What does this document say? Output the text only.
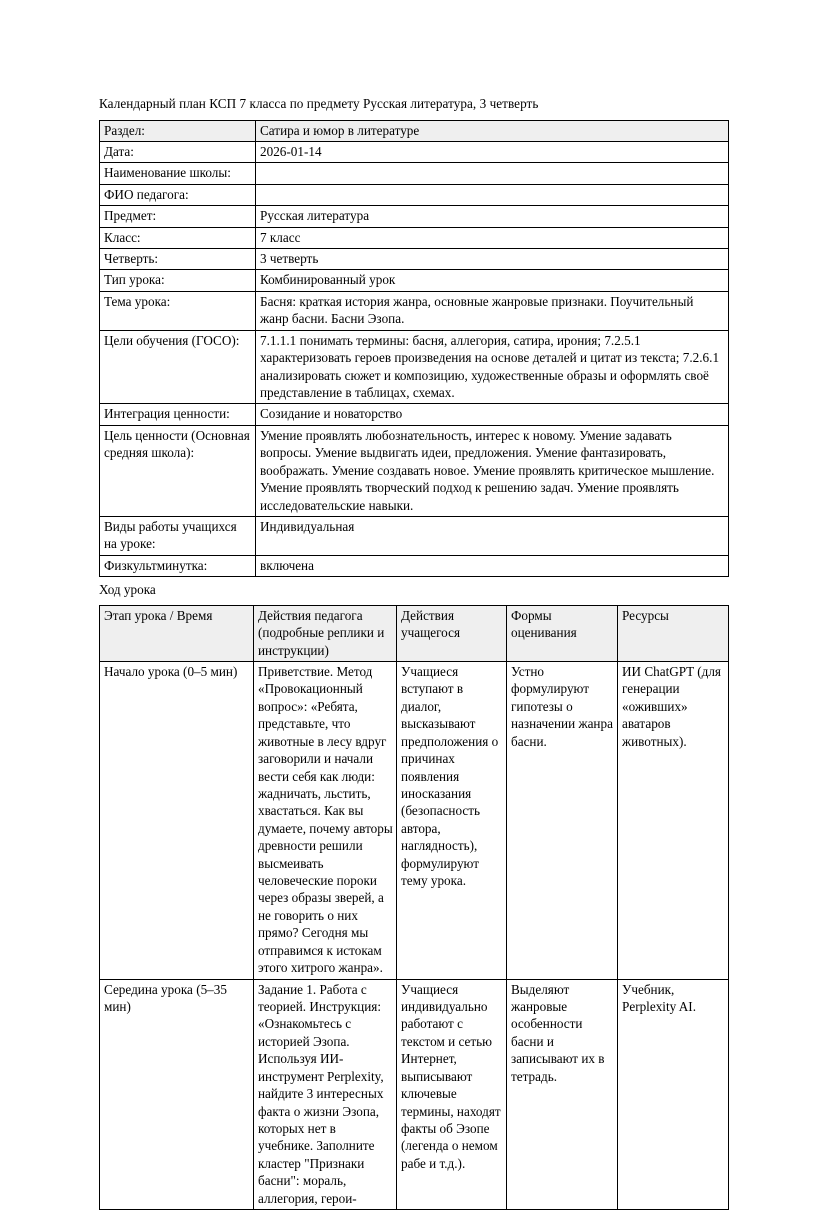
Календарный план КСП 7 класса по предмету Русская литература, 3 четверть

Раздел:	Сатира и юмор в литературе
Дата:	2026-01-14
Наименование школы:	
ФИО педагога:	
Предмет:	Русская литература
Класс:	7 класс
Четверть:	3 четверть
Тип урока:	Комбинированный урок
Тема урока:	Басня: краткая история жанра, основные жанровые признаки. Поучительный жанр басни. Басни Эзопа.
Цели обучения (ГОСО):	7.1.1.1 понимать термины: басня, аллегория, сатира, ирония; 7.2.5.1 характеризовать героев произведения на основе деталей и цитат из текста; 7.2.6.1 анализировать сюжет и композицию, художественные образы и оформлять своё представление в таблицах, схемах.
Интеграция ценности:	Созидание и новаторство
Цель ценности (Основная средняя школа):	Умение проявлять любознательность, интерес к новому. Умение задавать вопросы. Умение выдвигать идеи, предложения. Умение фантазировать, воображать. Умение создавать новое. Умение проявлять критическое мышление. Умение проявлять творческий подход к решению задач. Умение проявлять исследовательские навыки.
Виды работы учащихся на уроке:	Индивидуальная
Физкультминутка:	включена

Ход урока

Этап урока / Время	Действия педагога (подробные реплики и инструкции)	Действия учащегося	Формы оценивания	Ресурсы
Начало урока (0–5 мин)	Приветствие. Метод «Провокационный вопрос»: «Ребята, представьте, что животные в лесу вдруг заговорили и начали вести себя как люди: жадничать, льстить, хвастаться. Как вы думаете, почему авторы древности решили высмеивать человеческие пороки через образы зверей, а не говорить о них прямо? Сегодня мы отправимся к истокам этого хитрого жанра».	Учащиеся вступают в диалог, высказывают предположения о причинах появления иносказания (безопасность автора, наглядность), формулируют тему урока.	Устно формулируют гипотезы о назначении жанра басни.	ИИ ChatGPT (для генерации «оживших» аватаров животных).
Середина урока (5–35 мин)	Задание 1. Работа с теорией. Инструкция: «Ознакомьтесь с историей Эзопа. Используя ИИ-инструмент Perplexity, найдите 3 интересных факта о жизни Эзопа, которых нет в учебнике. Заполните кластер "Признаки басни": мораль, аллегория, герои-	Учащиеся индивидуально работают с текстом и сетью Интернет, выписывают ключевые термины, находят факты об Эзопе (легенда о немом рабе и т.д.).	Выделяют жанровые особенности басни и записывают их в тетрадь.	Учебник, Perplexity AI.
